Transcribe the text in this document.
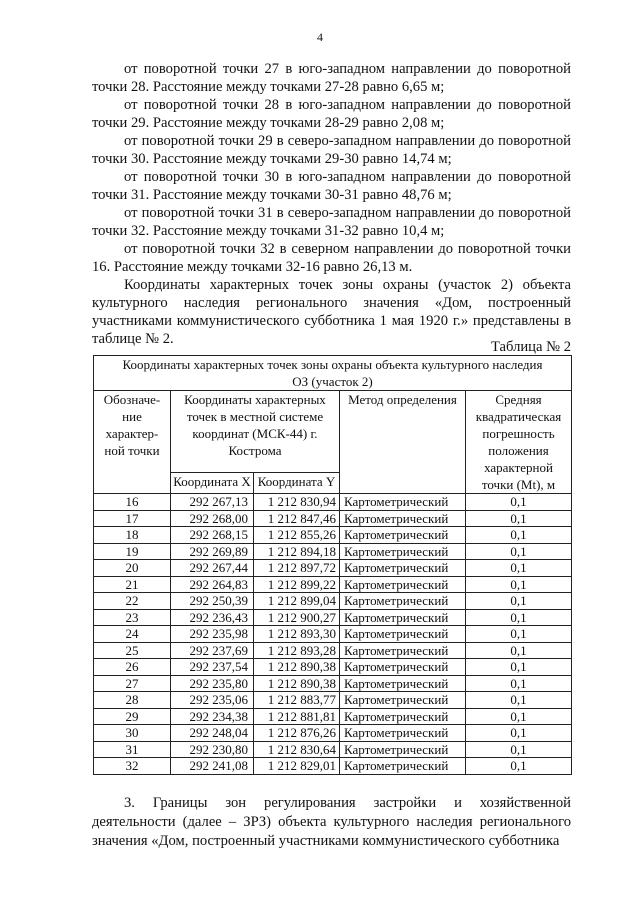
4

от поворотной точки 27 в юго-западном направлении до поворотной точки 28. Расстояние между точками 27-28 равно 6,65 м;

от поворотной точки 28 в юго-западном направлении до поворотной точки 29. Расстояние между точками 28-29 равно 2,08 м;

от поворотной точки 29 в северо-западном направлении до поворотной точки 30. Расстояние между точками 29-30 равно 14,74 м;

от поворотной точки 30 в юго-западном направлении до поворотной точки 31. Расстояние между точками 30-31 равно 48,76 м;

от поворотной точки 31 в северо-западном направлении до поворотной точки 32. Расстояние между точками 31-32 равно 10,4 м;

от поворотной точки 32 в северном направлении до поворотной точки 16. Расстояние между точками 32-16 равно 26,13 м.

Координаты характерных точек зоны охраны (участок 2) объекта культурного наследия регионального значения «Дом, построенный участниками коммунистического субботника 1 мая 1920 г.» представлены в таблице № 2.	Таблица № 2
Координаты характерных точек зоны охраны объекта культурного наследия
ОЗ (участок 2)				

Обозначе-ние характер-ной точки	Координаты характерных точек в местной системе координат (МСК-44) г. Кострома		Метод определения	Средняя квадратическая погрешность положения характерной точки (Mt), м
	Координата X	Координата Y		
16	292 267,13	1 212 830,94	Картометрический	0,1
17	292 268,00	1 212 847,46	Картометрический	0,1
18	292 268,15	1 212 855,26	Картометрический	0,1
19	292 269,89	1 212 894,18	Картометрический	0,1
20	292 267,44	1 212 897,72	Картометрический	0,1
21	292 264,83	1 212 899,22	Картометрический	0,1
22	292 250,39	1 212 899,04	Картометрический	0,1
23	292 236,43	1 212 900,27	Картометрический	0,1
24	292 235,98	1 212 893,30	Картометрический	0,1
25	292 237,69	1 212 893,28	Картометрический	0,1
26	292 237,54	1 212 890,38	Картометрический	0,1
27	292 235,80	1 212 890,38	Картометрический	0,1
28	292 235,06	1 212 883,77	Картометрический	0,1
29	292 234,38	1 212 881,81	Картометрический	0,1
30	292 248,04	1 212 876,26	Картометрический	0,1
31	292 230,80	1 212 830,64	Картометрический	0,1
32	292 241,08	1 212 829,01	Картометрический	0,1

3. Границы зон регулирования застройки и хозяйственной деятельности (далее – ЗРЗ) объекта культурного наследия регионального значения «Дом, построенный участниками коммунистического субботника
